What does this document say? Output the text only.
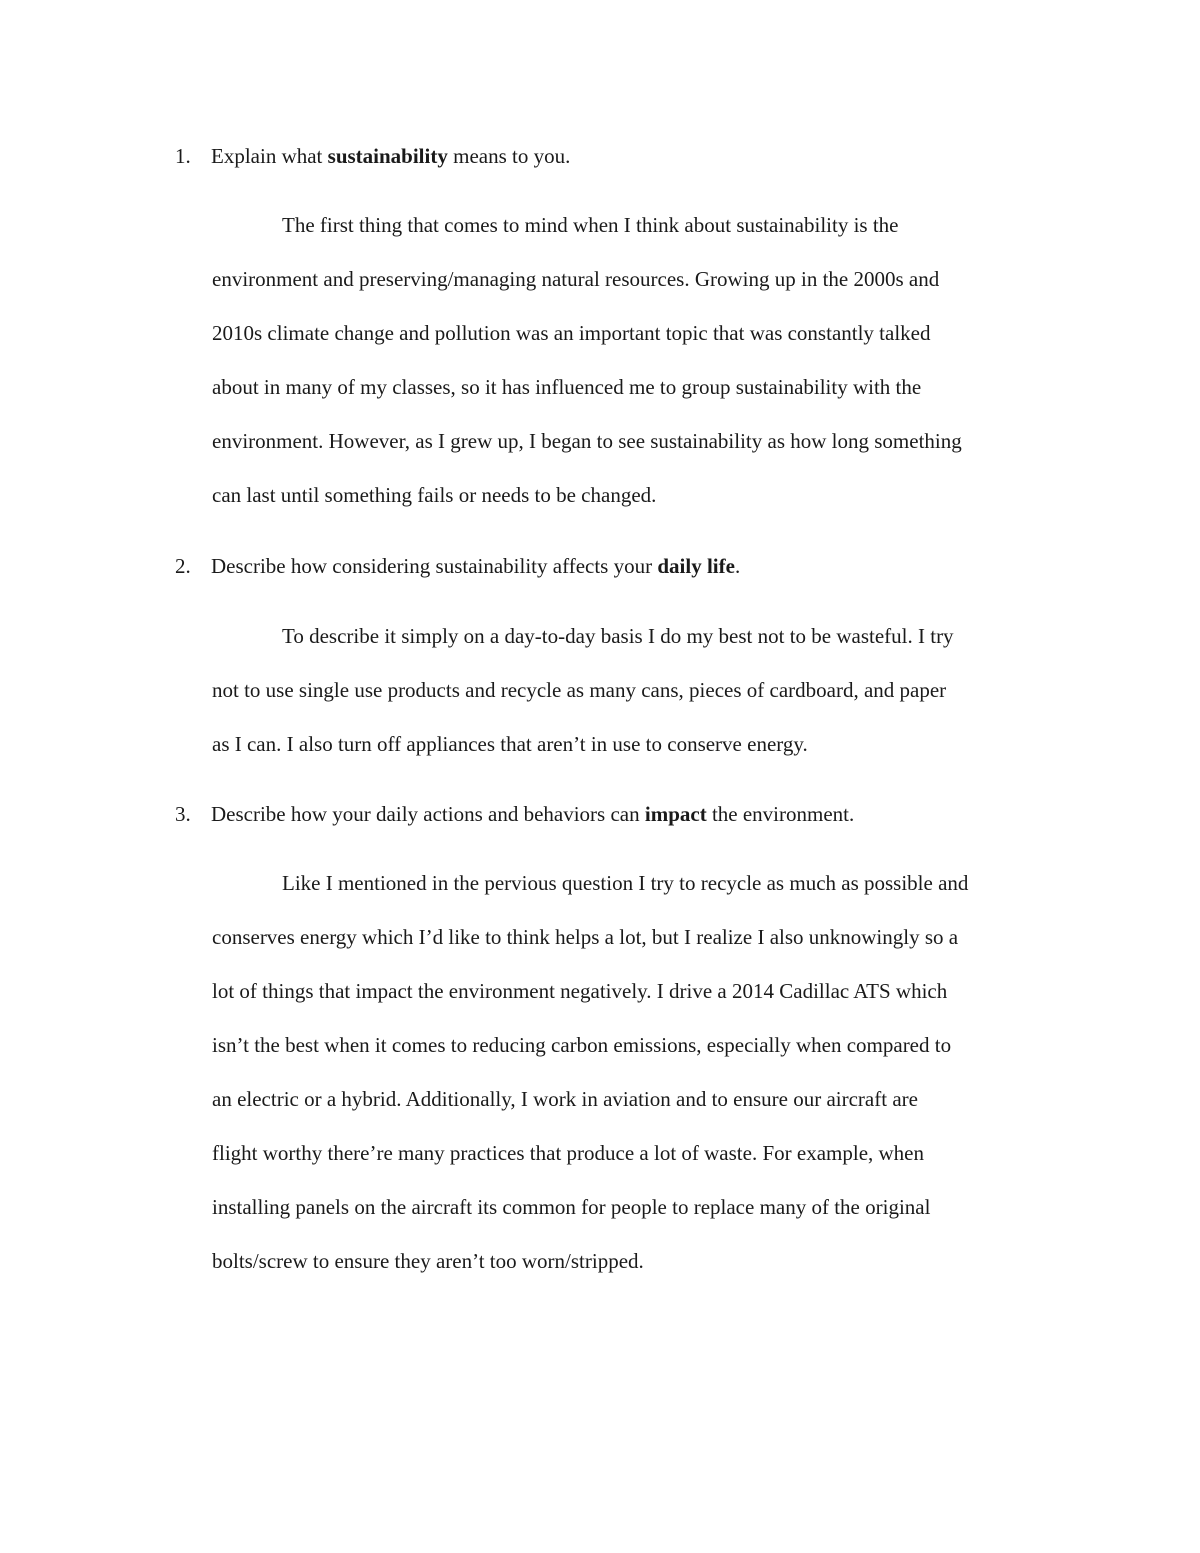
1. Explain what sustainability means to you.
The first thing that comes to mind when I think about sustainability is the
environment and preserving/managing natural resources. Growing up in the 2000s and
2010s climate change and pollution was an important topic that was constantly talked
about in many of my classes, so it has influenced me to group sustainability with the
environment. However, as I grew up, I began to see sustainability as how long something
can last until something fails or needs to be changed.
2. Describe how considering sustainability affects your daily life.
To describe it simply on a day-to-day basis I do my best not to be wasteful. I try
not to use single use products and recycle as many cans, pieces of cardboard, and paper
as I can. I also turn off appliances that aren’t in use to conserve energy.
3. Describe how your daily actions and behaviors can impact the environment.
Like I mentioned in the pervious question I try to recycle as much as possible and
conserves energy which I’d like to think helps a lot, but I realize I also unknowingly so a
lot of things that impact the environment negatively. I drive a 2014 Cadillac ATS which
isn’t the best when it comes to reducing carbon emissions, especially when compared to
an electric or a hybrid. Additionally, I work in aviation and to ensure our aircraft are
flight worthy there’re many practices that produce a lot of waste. For example, when
installing panels on the aircraft its common for people to replace many of the original
bolts/screw to ensure they aren’t too worn/stripped.
